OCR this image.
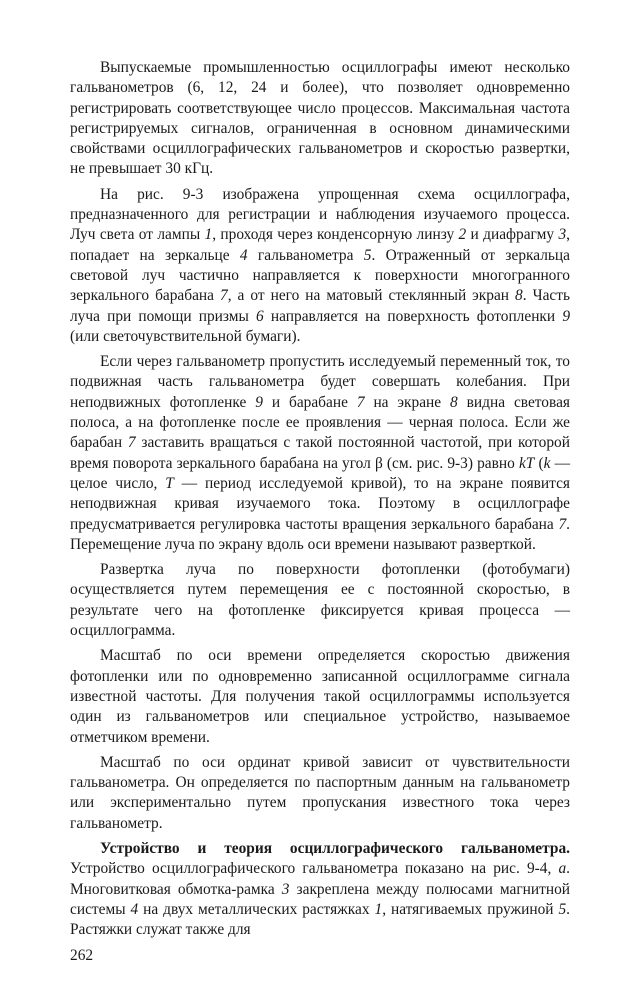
Выпускаемые промышленностью осциллографы имеют несколько гальванометров (6, 12, 24 и более), что позволяет одновременно регистрировать соответствующее число процессов. Максимальная частота регистрируемых сигналов, ограниченная в основном динамическими свойствами осциллографических гальванометров и скоростью развертки, не превышает 30 кГц.

На рис. 9-3 изображена упрощенная схема осциллографа, предназначенного для регистрации и наблюдения изучаемого процесса. Луч света от лампы 1, проходя через конденсорную линзу 2 и диафрагму 3, попадает на зеркальце 4 гальванометра 5. Отраженный от зеркальца световой луч частично направляется к поверхности многогранного зеркального барабана 7, а от него на матовый стеклянный экран 8. Часть луча при помощи призмы 6 направляется на поверхность фотопленки 9 (или светочувствительной бумаги).

Если через гальванометр пропустить исследуемый переменный ток, то подвижная часть гальванометра будет совершать колебания. При неподвижных фотопленке 9 и барабане 7 на экране 8 видна световая полоса, а на фотопленке после ее проявления — черная полоса. Если же барабан 7 заставить вращаться с такой постоянной частотой, при которой время поворота зеркального барабана на угол β (см. рис. 9-3) равно kT (k — целое число, T — период исследуемой кривой), то на экране появится неподвижная кривая изучаемого тока. Поэтому в осциллографе предусматривается регулировка частоты вращения зеркального барабана 7. Перемещение луча по экрану вдоль оси времени называют разверткой.

Развертка луча по поверхности фотопленки (фотобумаги) осуществляется путем перемещения ее с постоянной скоростью, в результате чего на фотопленке фиксируется кривая процесса — осциллограмма.

Масштаб по оси времени определяется скоростью движения фотопленки или по одновременно записанной осциллограмме сигнала известной частоты. Для получения такой осциллограммы используется один из гальванометров или специальное устройство, называемое отметчиком времени.

Масштаб по оси ординат кривой зависит от чувствительности гальванометра. Он определяется по паспортным данным на гальванометр или экспериментально путем пропускания известного тока через гальванометр.

Устройство и теория осциллографического гальванометра. Устройство осциллографического гальванометра показано на рис. 9-4, а. Многовитковая обмотка-рамка 3 закреплена между полюсами магнитной системы 4 на двух металлических растяжках 1, натягиваемых пружиной 5. Растяжки служат также для

262
